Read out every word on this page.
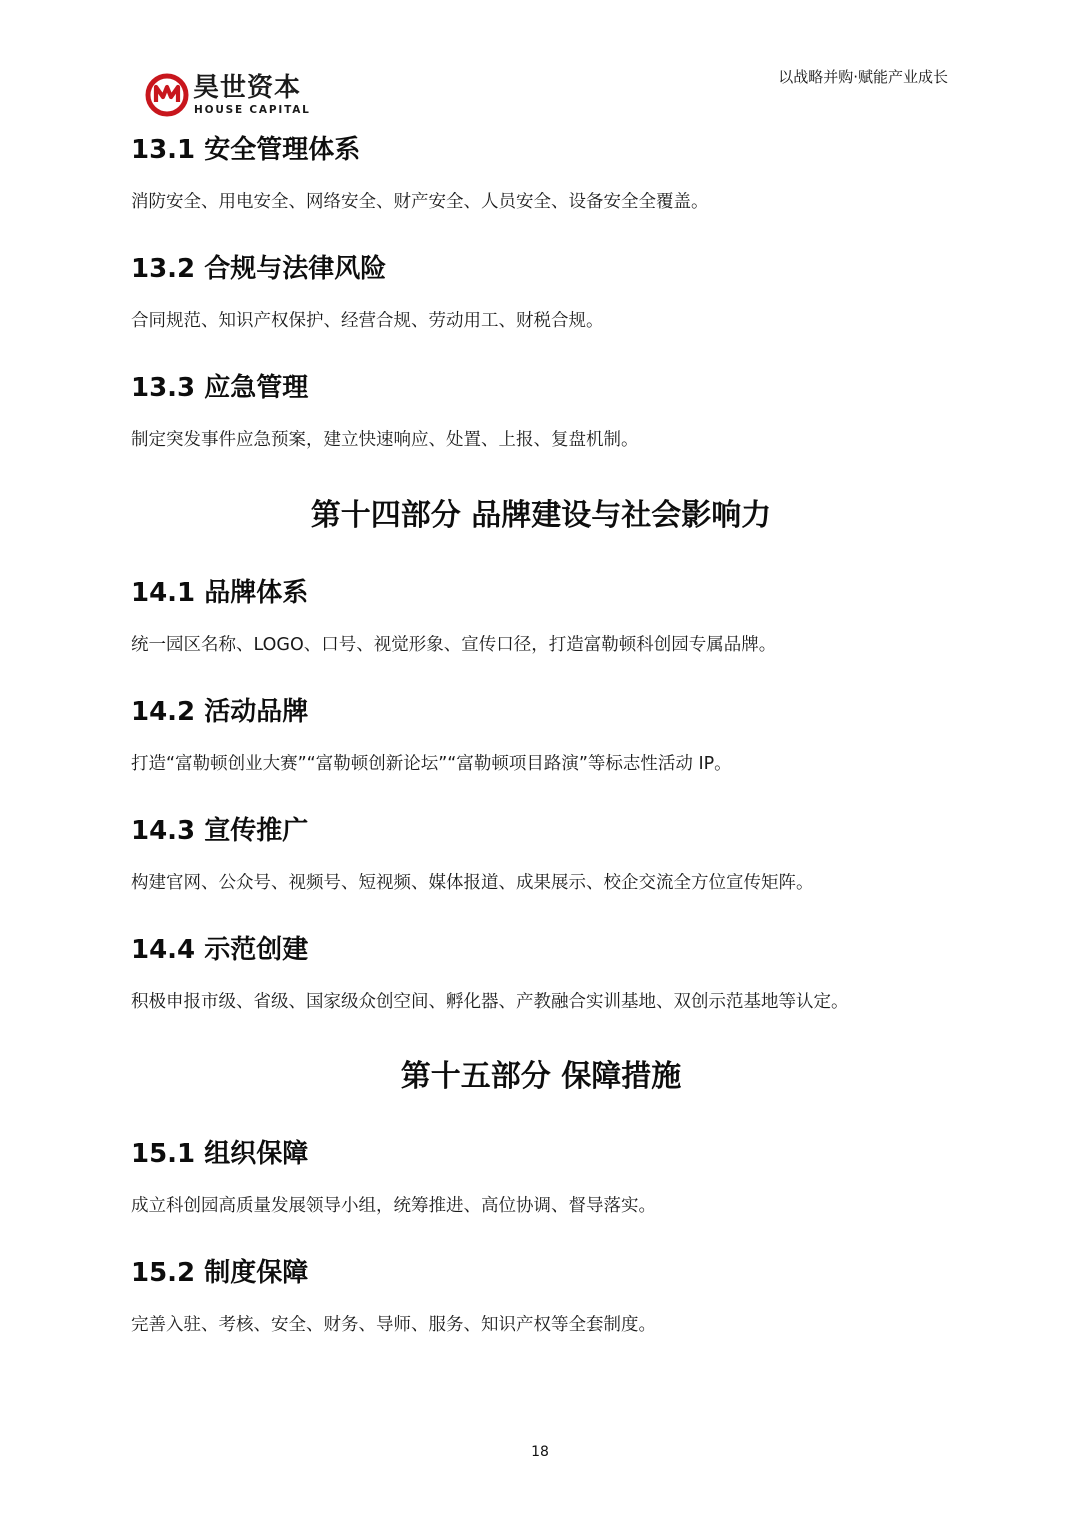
昊世资本
HOUSE CAPITAL
以战略并购·赋能产业成长
13.1 安全管理体系

消防安全、用电安全、网络安全、财产安全、人员安全、设备安全全覆盖。

13.2 合规与法律风险

合同规范、知识产权保护、经营合规、劳动用工、财税合规。

13.3 应急管理

制定突发事件应急预案，建立快速响应、处置、上报、复盘机制。

第十四部分 品牌建设与社会影响力
14.1 品牌体系

统一园区名称、LOGO、口号、视觉形象、宣传口径，打造富勒顿科创园专属品牌。

14.2 活动品牌

打造“富勒顿创业大赛”“富勒顿创新论坛”“富勒顿项目路演”等标志性活动 IP。

14.3 宣传推广

构建官网、公众号、视频号、短视频、媒体报道、成果展示、校企交流全方位宣传矩阵。

14.4 示范创建

积极申报市级、省级、国家级众创空间、孵化器、产教融合实训基地、双创示范基地等认定。

第十五部分 保障措施
15.1 组织保障

成立科创园高质量发展领导小组，统筹推进、高位协调、督导落实。

15.2 制度保障

完善入驻、考核、安全、财务、导师、服务、知识产权等全套制度。

18
